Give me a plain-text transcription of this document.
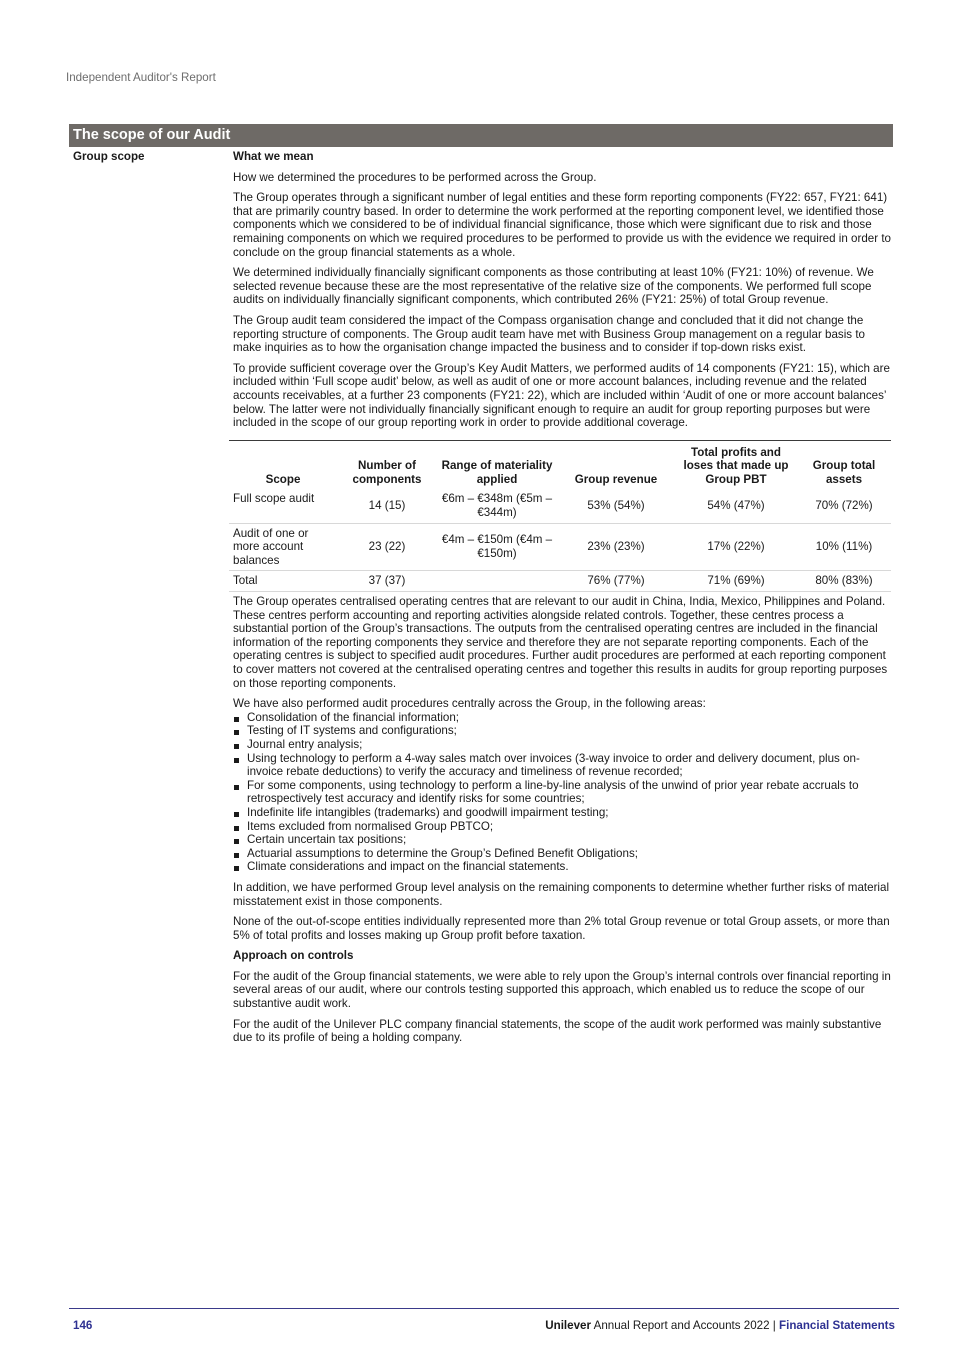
Independent Auditor's Report
The scope of our Audit
Group scope	What we mean

How we determined the procedures to be performed across the Group.

The Group operates through a significant number of legal entities and these form reporting components (FY22: 657, FY21: 641) that are primarily country based. In order to determine the work performed at the reporting component level, we identified those components which we considered to be of individual financial significance, those which were significant due to risk and those remaining components on which we required procedures to be performed to provide us with the evidence we required in order to conclude on the group financial statements as a whole.

We determined individually financially significant components as those contributing at least 10% (FY21: 10%) of revenue. We selected revenue because these are the most representative of the relative size of the components. We performed full scope audits on individually financially significant components, which contributed 26% (FY21: 25%) of total Group revenue.

The Group audit team considered the impact of the Compass organisation change and concluded that it did not change the reporting structure of components. The Group audit team have met with Business Group management on a regular basis to make inquiries as to how the organisation change impacted the business and to consider if top-down risks exist.

To provide sufficient coverage over the Group’s Key Audit Matters, we performed audits of 14 components (FY21: 15), which are included within ‘Full scope audit’ below, as well as audit of one or more account balances, including revenue and the related accounts receivables, at a further 23 components (FY21: 22), which are included within ‘Audit of one or more account balances’ below. The latter were not individually financially significant enough to require an audit for group reporting purposes but were included in the scope of our group reporting work in order to provide additional coverage.

Scope	Number of components	Range of materiality applied	Group revenue	Total profits and loses that made up Group PBT	Group total assets
Full scope audit	14 (15)	€6m – €348m (€5m – €344m)	53% (54%)	54% (47%)	70% (72%)
Audit of one or more account balances	23 (22)	€4m – €150m (€4m – €150m)	23% (23%)	17% (22%)	10% (11%)
Total	37 (37)		76% (77%)	71% (69%)	80% (83%)

The Group operates centralised operating centres that are relevant to our audit in China, India, Mexico, Philippines and Poland. These centres perform accounting and reporting activities alongside related controls. Together, these centres process a substantial portion of the Group’s transactions. The outputs from the centralised operating centres are included in the financial information of the reporting components they service and therefore they are not separate reporting components. Each of the operating centres is subject to specified audit procedures. Further audit procedures are performed at each reporting component to cover matters not covered at the centralised operating centres and together this results in audits for group reporting purposes on those reporting components.

We have also performed audit procedures centrally across the Group, in the following areas:

Consolidation of the financial information;
Testing of IT systems and configurations;
Journal entry analysis;
Using technology to perform a 4-way sales match over invoices (3-way invoice to order and delivery document, plus on-invoice rebate deductions) to verify the accuracy and timeliness of revenue recorded;
For some components, using technology to perform a line-by-line analysis of the unwind of prior year rebate accruals to retrospectively test accuracy and identify risks for some countries;
Indefinite life intangibles (trademarks) and goodwill impairment testing;
Items excluded from normalised Group PBTCO;
Certain uncertain tax positions;
Actuarial assumptions to determine the Group’s Defined Benefit Obligations;
Climate considerations and impact on the financial statements.

In addition, we have performed Group level analysis on the remaining components to determine whether further risks of material misstatement exist in those components.

None of the out-of-scope entities individually represented more than 2% total Group revenue or total Group assets, or more than 5% of total profits and losses making up Group profit before taxation.

Approach on controls

For the audit of the Group financial statements, we were able to rely upon the Group’s internal controls over financial reporting in several areas of our audit, where our controls testing supported this approach, which enabled us to reduce the scope of our substantive audit work.

For the audit of the Unilever PLC company financial statements, the scope of the audit work performed was mainly substantive due to its profile of being a holding company.

146	Unilever Annual Report and Accounts 2022 | Financial Statements
